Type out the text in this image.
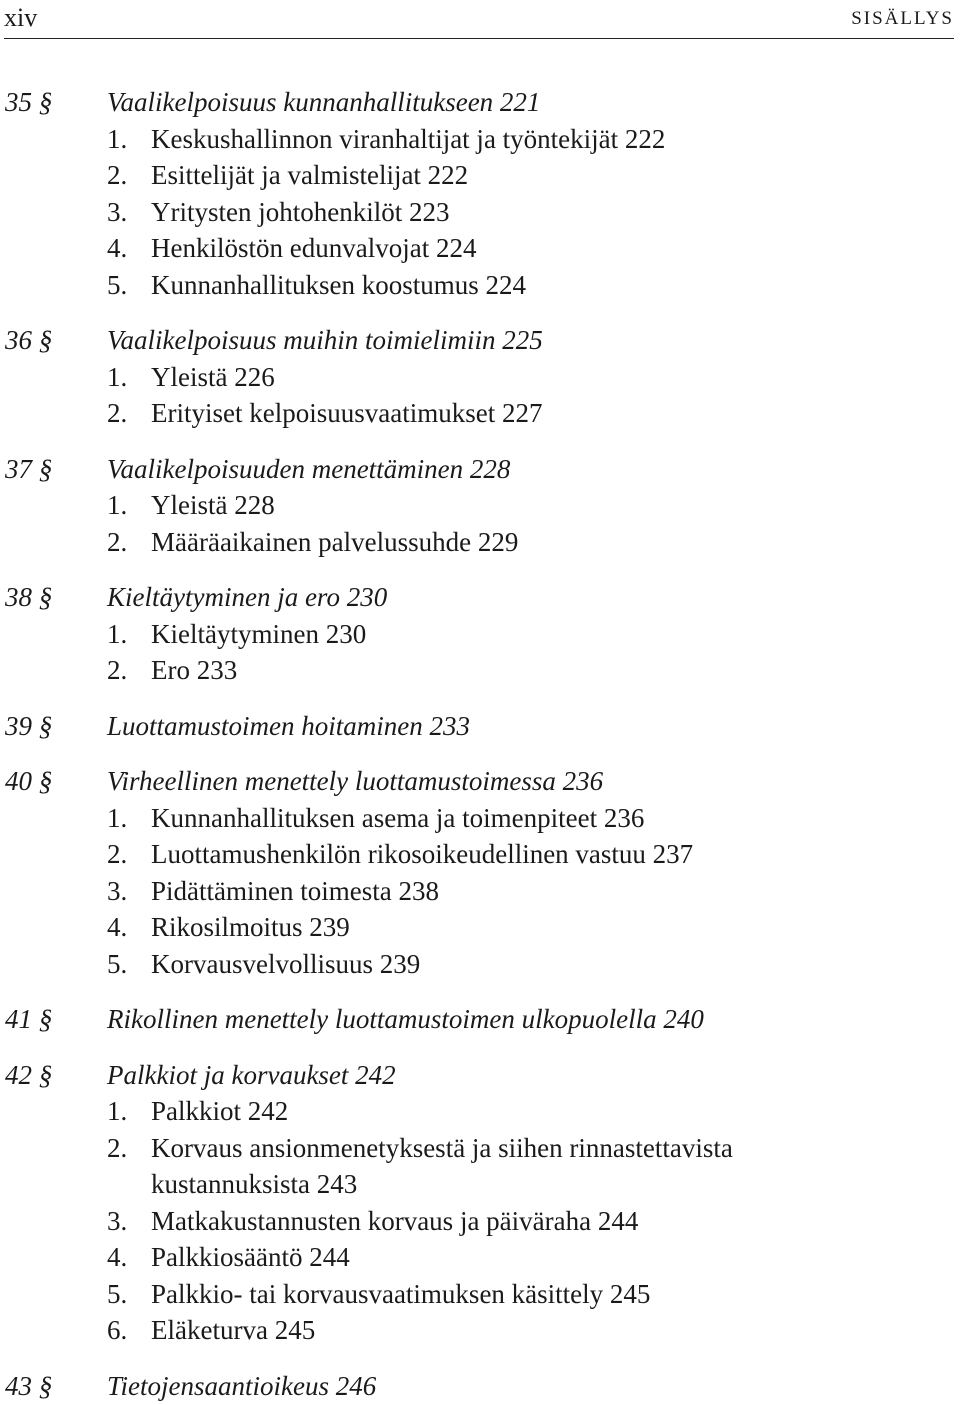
xiv	SISÄLLYS
35 § Vaalikelpoisuus kunnanhallitukseen 221
1. Keskushallinnon viranhaltijat ja työntekijät 222
2. Esittelijät ja valmistelijat 222
3. Yritysten johtohenkilöt 223
4. Henkilöstön edunvalvojat 224
5. Kunnanhallituksen koostumus 224
36 § Vaalikelpoisuus muihin toimielimiin 225
1. Yleistä 226
2. Erityiset kelpoisuusvaatimukset 227
37 § Vaalikelpoisuuden menettäminen 228
1. Yleistä 228
2. Määräaikainen palvelussuhde 229
38 § Kieltäytyminen ja ero 230
1. Kieltäytyminen 230
2. Ero 233
39 § Luottamustoimen hoitaminen 233
40 § Virheellinen menettely luottamustoimessa 236
1. Kunnanhallituksen asema ja toimenpiteet 236
2. Luottamushenkilön rikosoikeudellinen vastuu 237
3. Pidättäminen toimesta 238
4. Rikosilmoitus 239
5. Korvausvelvollisuus 239
41 § Rikollinen menettely luottamustoimen ulkopuolella 240
42 § Palkkiot ja korvaukset 242
1. Palkkiot 242
2. Korvaus ansionmenetyksestä ja siihen rinnastettavista kustannuksista 243
3. Matkakustannusten korvaus ja päiväraha 244
4. Palkkiosääntö 244
5. Palkkio- tai korvausvaatimuksen käsittely 245
6. Eläketurva 245
43 § Tietojensaantioikeus 246
